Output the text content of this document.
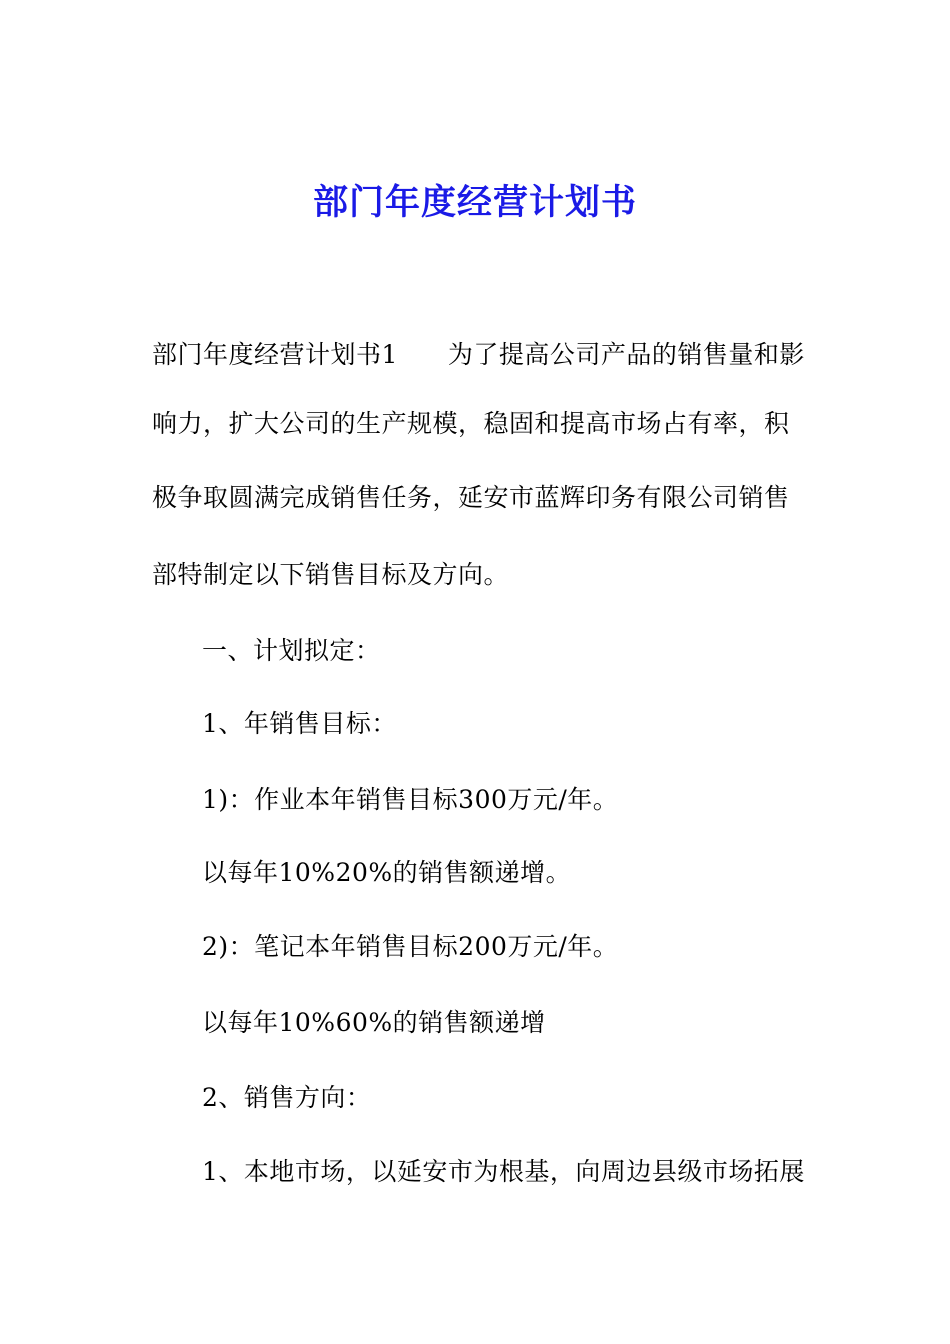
部门年度经营计划书
部门年度经营计划书1 为了提高公司产品的销售量和影
响力，扩大公司的生产规模，稳固和提高市场占有率，积
极争取圆满完成销售任务，延安市蓝辉印务有限公司销售
部特制定以下销售目标及方向。
一、计划拟定：
1、年销售目标：
1)：作业本年销售目标300万元/年。
以每年10%20%的销售额递增。
2)：笔记本年销售目标200万元/年。
以每年10%60%的销售额递增
2、销售方向：
1、本地市场，以延安市为根基，向周边县级市场拓展
